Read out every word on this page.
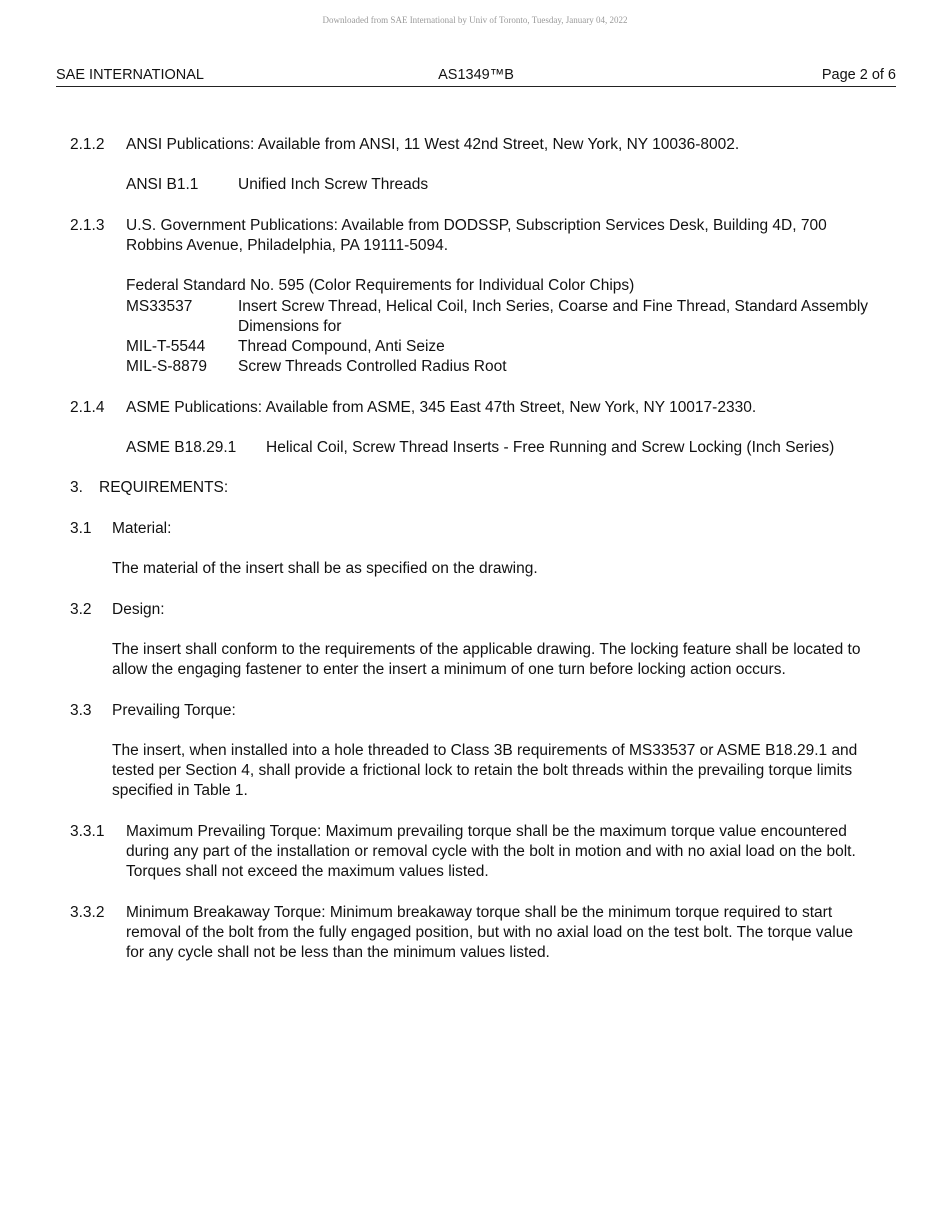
Downloaded from SAE International by Univ of Toronto, Tuesday, January 04, 2022
SAE INTERNATIONAL	AS1349™B	Page 2 of 6
2.1.2	ANSI Publications: Available from ANSI, 11 West 42nd Street, New York, NY 10036-8002.
ANSI B1.1	Unified Inch Screw Threads
2.1.3	U.S. Government Publications: Available from DODSSP, Subscription Services Desk, Building 4D, 700 Robbins Avenue, Philadelphia, PA 19111-5094.
Federal Standard No. 595 (Color Requirements for Individual Color Chips)
MS33537	Insert Screw Thread, Helical Coil, Inch Series, Coarse and Fine Thread, Standard Assembly Dimensions for
MIL-T-5544	Thread Compound, Anti Seize
MIL-S-8879	Screw Threads Controlled Radius Root
2.1.4	ASME Publications: Available from ASME, 345 East 47th Street, New York, NY 10017-2330.
ASME B18.29.1	Helical Coil, Screw Thread Inserts - Free Running and Screw Locking (Inch Series)
3.	REQUIREMENTS:
3.1	Material:
The material of the insert shall be as specified on the drawing.
3.2	Design:
The insert shall conform to the requirements of the applicable drawing. The locking feature shall be located to allow the engaging fastener to enter the insert a minimum of one turn before locking action occurs.
3.3	Prevailing Torque:
The insert, when installed into a hole threaded to Class 3B requirements of MS33537 or ASME B18.29.1 and tested per Section 4, shall provide a frictional lock to retain the bolt threads within the prevailing torque limits specified in Table 1.
3.3.1	Maximum Prevailing Torque: Maximum prevailing torque shall be the maximum torque value encountered during any part of the installation or removal cycle with the bolt in motion and with no axial load on the bolt. Torques shall not exceed the maximum values listed.
3.3.2	Minimum Breakaway Torque: Minimum breakaway torque shall be the minimum torque required to start removal of the bolt from the fully engaged position, but with no axial load on the test bolt. The torque value for any cycle shall not be less than the minimum values listed.
